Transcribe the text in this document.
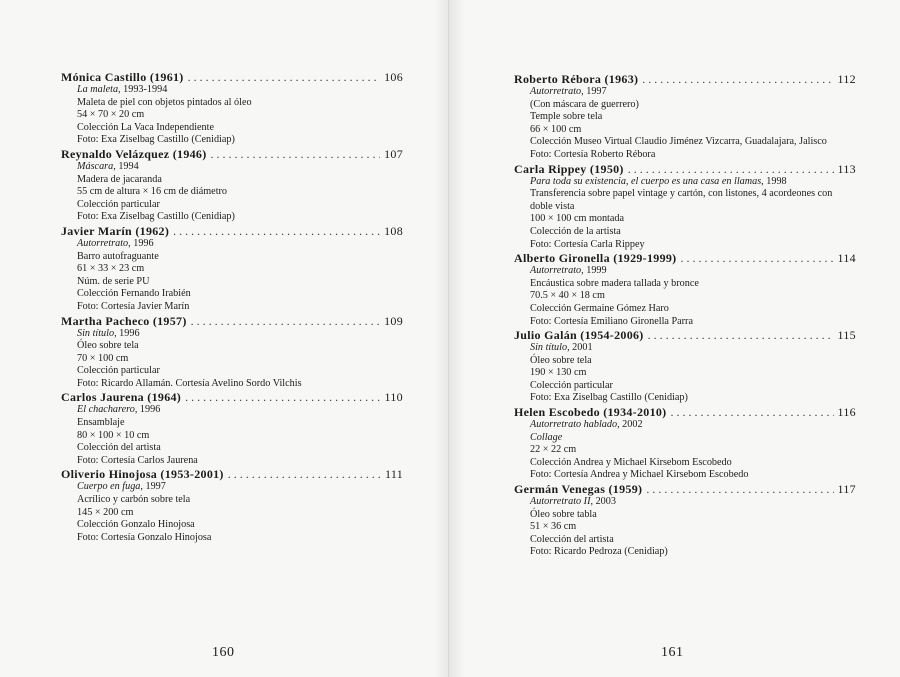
Mónica Castillo
(1961) . . .	106
La maleta, 1993-1994
Maleta de piel con objetos pintados al óleo
54 × 70 × 20 cm
Colección La Vaca Independiente
Foto: Exa Ziselbag Castillo (Cenidiap)
Reynaldo Velázquez
(1946) . . .	107
Máscara, 1994
Madera de jacaranda
55 cm de altura × 16 cm de diámetro
Colección particular
Foto: Exa Ziselbag Castillo (Cenidiap)
Javier Marín
(1962) . . .	108
Autorretrato, 1996
Barro autofraguante
61 × 33 × 23 cm
Núm. de serie PU
Colección Fernando Irabién
Foto: Cortesía Javier Marín
Martha Pacheco
(1957) . . .	109
Sin título, 1996
Óleo sobre tela
70 × 100 cm
Colección particular
Foto: Ricardo Allamán. Cortesía Avelino Sordo Vilchis
Carlos Jaurena
(1964) . . .	110
El chacharero, 1996
Ensamblaje
80 × 100 × 10 cm
Colección del artista
Foto: Cortesía Carlos Jaurena
Oliverio Hinojosa
(1953-2001) . . .	111
Cuerpo en fuga, 1997
Acrílico y carbón sobre tela
145 × 200 cm
Colección Gonzalo Hinojosa
Foto: Cortesía Gonzalo Hinojosa
160
Roberto Rébora
(1963) . . .	112
Autorretrato, 1997
(Con máscara de guerrero)
Temple sobre tela
66 × 100 cm
Colección Museo Virtual Claudio Jiménez Vizcarra, Guadalajara, Jalisco
Foto: Cortesía Roberto Rébora
Carla Rippey
(1950) . . .	113
Para toda su existencia, el cuerpo es una casa en llamas, 1998
Transferencia sobre papel vintage y cartón, con listones, 4 acordeones con
doble vista
100 × 100 cm montada
Colección de la artista
Foto: Cortesía Carla Rippey
Alberto Gironella
(1929-1999) . . .	114
Autorretrato, 1999
Encáustica sobre madera tallada y bronce
70.5 × 40 × 18 cm
Colección Germaine Gómez Haro
Foto: Cortesía Emiliano Gironella Parra
Julio Galán
(1954-2006) . . .	115
Sin título, 2001
Óleo sobre tela
190 × 130 cm
Colección particular
Foto: Exa Ziselbag Castillo (Cenidiap)
Helen Escobedo
(1934-2010) . . .	116
Autorretrato hablado, 2002
Collage
22 × 22 cm
Colección Andrea y Michael Kirsebom Escobedo
Foto: Cortesía Andrea y Michael Kirsebom Escobedo
Germán Venegas
(1959) . . .	117
Autorretrato II, 2003
Óleo sobre tabla
51 × 36 cm
Colección del artista
Foto: Ricardo Pedroza (Cenidiap)
161
